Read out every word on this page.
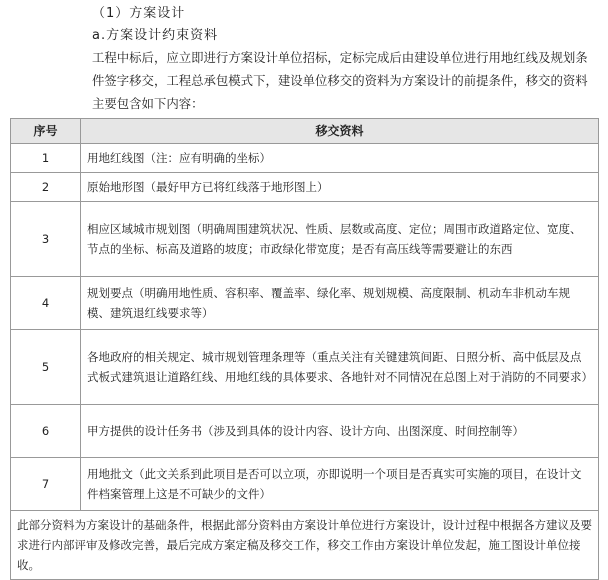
（1）方案设计
a.方案设计约束资料
工程中标后，应立即进行方案设计单位招标，定标完成后由建设单位进行用地红线及规划条件签字移交，工程总承包模式下，建设单位移交的资料为方案设计的前提条件，移交的资料主要包含如下内容：
序号	移交资料
1	用地红线图（注：应有明确的坐标）
2	原始地形图（最好甲方已将红线落于地形图上）
3	相应区域城市规划图（明确周围建筑状况、性质、层数或高度、定位；周围市政道路定位、宽度、节点的坐标、标高及道路的坡度；市政绿化带宽度；是否有高压线等需要避让的东西
4	规划要点（明确用地性质、容积率、覆盖率、绿化率、规划规模、高度限制、机动车非机动车规模、建筑退红线要求等）
5	各地政府的相关规定、城市规划管理条理等（重点关注有关键建筑间距、日照分析、高中低层及点式板式建筑退让道路红线、用地红线的具体要求、各地针对不同情况在总图上对于消防的不同要求）
6	甲方提供的设计任务书（涉及到具体的设计内容、设计方向、出图深度、时间控制等）
7	用地批文（此文关系到此项目是否可以立项，亦即说明一个项目是否真实可实施的项目，在设计文件档案管理上这是不可缺少的文件）
此部分资料为方案设计的基础条件，根据此部分资料由方案设计单位进行方案设计，设计过程中根据各方建议及要求进行内部评审及修改完善，最后完成方案定稿及移交工作，移交工作由方案设计单位发起，施工图设计单位接收。	
